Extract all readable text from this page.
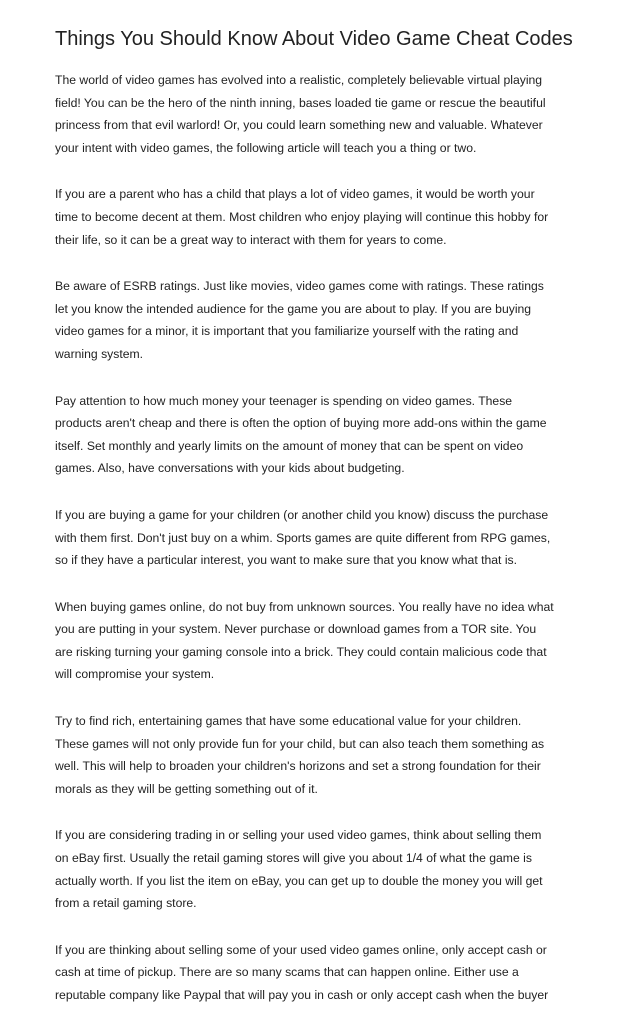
Things You Should Know About Video Game Cheat Codes

The world of video games has evolved into a realistic, completely believable virtual playing
field! You can be the hero of the ninth inning, bases loaded tie game or rescue the beautiful
princess from that evil warlord! Or, you could learn something new and valuable. Whatever
your intent with video games, the following article will teach you a thing or two.

If you are a parent who has a child that plays a lot of video games, it would be worth your
time to become decent at them. Most children who enjoy playing will continue this hobby for
their life, so it can be a great way to interact with them for years to come.

Be aware of ESRB ratings. Just like movies, video games come with ratings. These ratings
let you know the intended audience for the game you are about to play. If you are buying
video games for a minor, it is important that you familiarize yourself with the rating and
warning system.

Pay attention to how much money your teenager is spending on video games. These
products aren't cheap and there is often the option of buying more add-ons within the game
itself. Set monthly and yearly limits on the amount of money that can be spent on video
games. Also, have conversations with your kids about budgeting.

If you are buying a game for your children (or another child you know) discuss the purchase
with them first. Don't just buy on a whim. Sports games are quite different from RPG games,
so if they have a particular interest, you want to make sure that you know what that is.

When buying games online, do not buy from unknown sources. You really have no idea what
you are putting in your system. Never purchase or download games from a TOR site. You
are risking turning your gaming console into a brick. They could contain malicious code that
will compromise your system.

Try to find rich, entertaining games that have some educational value for your children.
These games will not only provide fun for your child, but can also teach them something as
well. This will help to broaden your children's horizons and set a strong foundation for their
morals as they will be getting something out of it.

If you are considering trading in or selling your used video games, think about selling them
on eBay first. Usually the retail gaming stores will give you about 1/4 of what the game is
actually worth. If you list the item on eBay, you can get up to double the money you will get
from a retail gaming store.

If you are thinking about selling some of your used video games online, only accept cash or
cash at time of pickup. There are so many scams that can happen online. Either use a
reputable company like Paypal that will pay you in cash or only accept cash when the buyer
